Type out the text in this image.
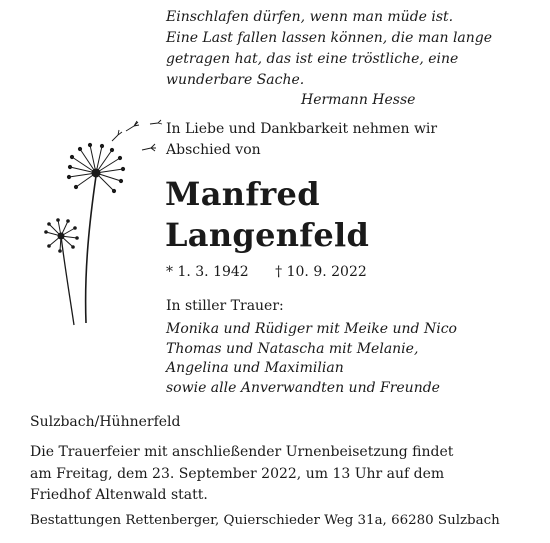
Einschlafen dürfen, wenn man müde ist.
Eine Last fallen lassen können, die man lange
getragen hat, das ist eine tröstliche, eine
wunderbare Sache.
Hermann Hesse
In Liebe und Dankbarkeit nehmen wir
Abschied von
Manfred
Langenfeld
* 1. 3. 1942 † 10. 9. 2022
In stiller Trauer:
Monika und Rüdiger mit Meike und Nico
Thomas und Natascha mit Melanie,
Angelina und Maximilian
sowie alle Anverwandten und Freunde
Sulzbach/Hühnerfeld
Die Trauerfeier mit anschließender Urnenbeisetzung findet
am Freitag, dem 23. September 2022, um 13 Uhr auf dem
Friedhof Altenwald statt.
Bestattungen Rettenberger, Quierschieder Weg 31a, 66280 Sulzbach
